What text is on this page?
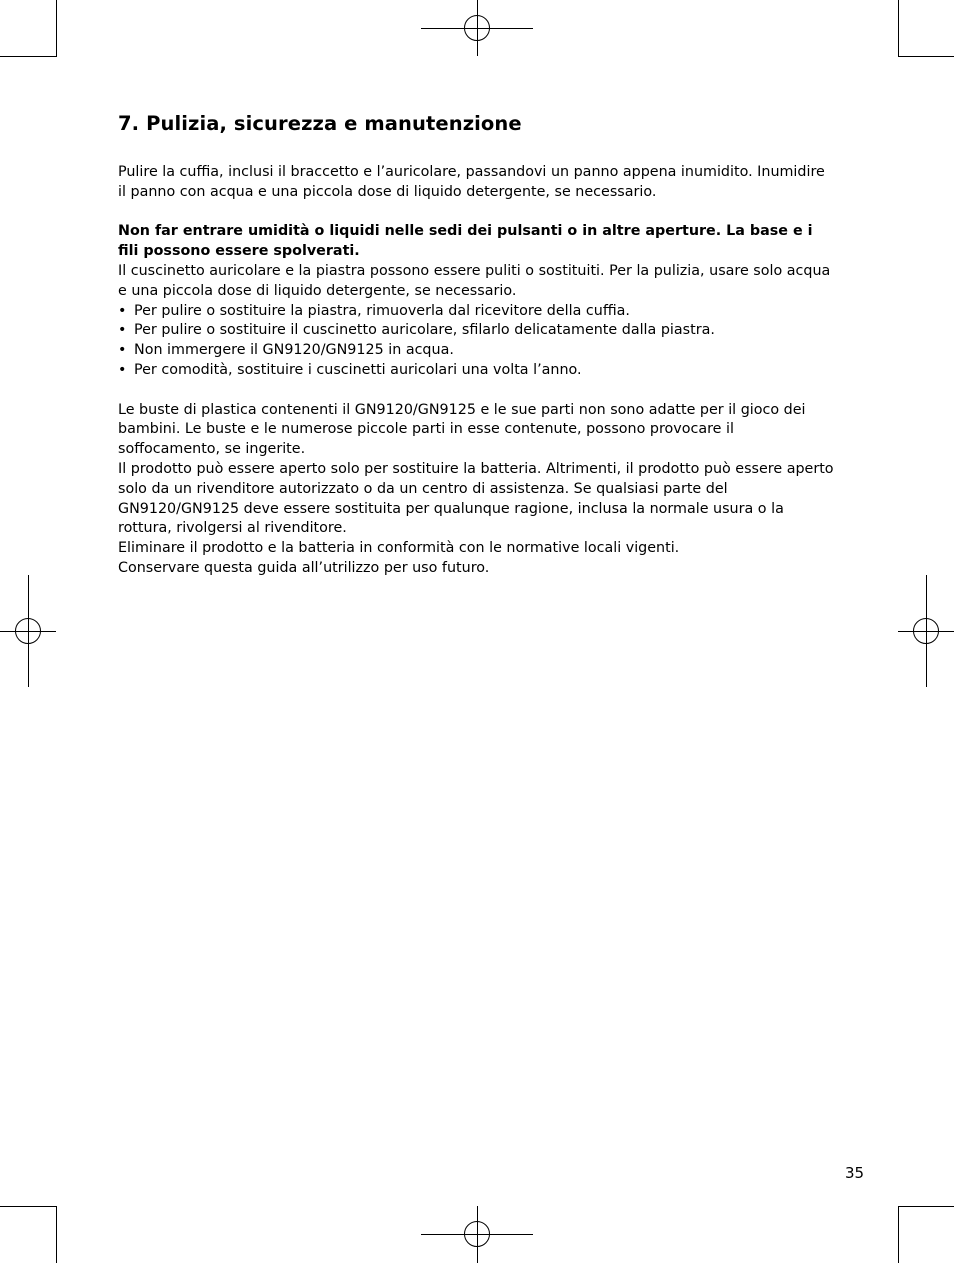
7. Pulizia, sicurezza e manutenzione

Pulire la cuffia, inclusi il braccetto e l’auricolare, passandovi un panno appena inumidito. Inumidire il panno con acqua e una piccola dose di liquido detergente, se necessario.

Non far entrare umidità o liquidi nelle sedi dei pulsanti o in altre aperture. La base e i fili possono essere spolverati.

Il cuscinetto auricolare e la piastra possono essere puliti o sostituiti. Per la pulizia, usare solo acqua e una piccola dose di liquido detergente, se necessario.

• Per pulire o sostituire la piastra, rimuoverla dal ricevitore della cuffia.
• Per pulire o sostituire il cuscinetto auricolare, sfilarlo delicatamente dalla piastra.
• Non immergere il GN9120/GN9125 in acqua.
• Per comodità, sostituire i cuscinetti auricolari una volta l’anno.

Le buste di plastica contenenti il GN9120/GN9125 e le sue parti non sono adatte per il gioco dei bambini. Le buste e le numerose piccole parti in esse contenute, possono provocare il soffocamento, se ingerite.

Il prodotto può essere aperto solo per sostituire la batteria. Altrimenti, il prodotto può essere aperto solo da un rivenditore autorizzato o da un centro di assistenza. Se qualsiasi parte del GN9120/GN9125 deve essere sostituita per qualunque ragione, inclusa la normale usura o la rottura, rivolgersi al rivenditore.

Eliminare il prodotto e la batteria in conformità con le normative locali vigenti.

Conservare questa guida all’utrilizzo per uso futuro.

35
